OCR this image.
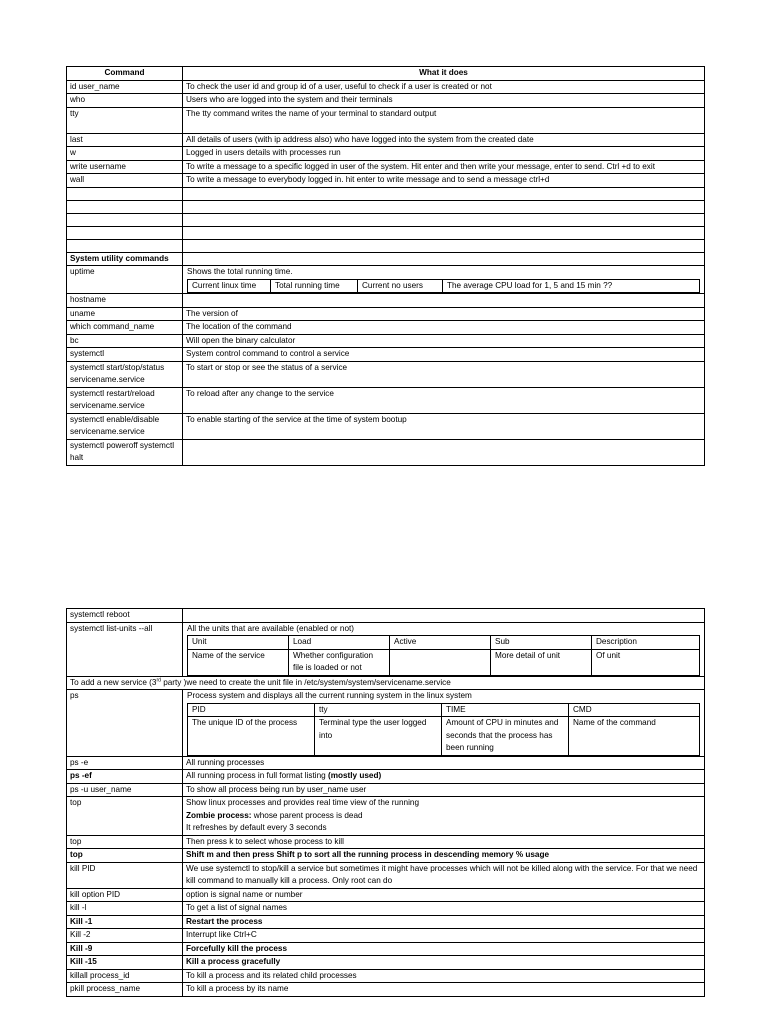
Command	What it does
id user_name	To check the user id and group id of a user, useful to check if a user is created or not
who	Users who are logged into the system and their terminals
tty	The tty command writes the name of your terminal to standard output
last	All details of users (with ip address also) who have logged into the system from the created date
w	Logged in users details with processes run
write username	To write a message to a specific logged in user of the system. Hit enter and then write your message, enter to send. Ctrl +d to exit
wall	To write a message to everybody logged in. hit enter to write message and to send a message ctrl+d

System utility commands	
uptime	Shows the total running time.
Current linux time	Total running time	Current no users	The average CPU load for 1, 5 and 15 min ??

hostname	
uname	The version of
which command_name	The location of the command
bc	Will open the binary calculator
systemctl	System control command to control a service
systemctl start/stop/status servicename.service	To start or stop or see the status of a service
systemctl restart/reload servicename.service	To reload after any change to the service
systemctl enable/disable servicename.service	To enable starting of the service at the time of system bootup
systemctl poweroff systemctl halt	
systemctl reboot	
systemctl list-units --all	All the units that are available (enabled or not)
Unit	Load	Active	Sub	Description
Name of the service	Whether configuration file is loaded or not		More detail of unit	Of unit

To add a new service (3rd party )we need to create the unit file in /etc/system/system/servicename.service
ps	Process system and displays all the current running system in the linux system
PID	tty	TIME	CMD
The unique ID of the process	Terminal type the user logged into	Amount of CPU in minutes and seconds that the process has been running	Name of the command

ps -e	All running processes
ps -ef	All running process in full format listing (mostly used)
ps -u user_name	To show all process being run by user_name user
top	Show linux processes and provides real time view of the running
Zombie process: whose parent process is dead
It refreshes by default every 3 seconds

top	Then press k to select whose process to kill
top	Shift m and then press Shift p to sort all the running process in descending memory % usage
kill PID	We use systemctl to stop/kill a service but sometimes it might have processes which will not be killed along with the service. For that we need kill command to manually kill a process. Only root can do
kill option PID	option is signal name or number
kill -l	To get a list of signal names
Kill -1	Restart the process
Kill -2	Interrupt like Ctrl+C
Kill -9	Forcefully kill the process
Kill -15	Kill a process gracefully
killall process_id	To kill a process and its related child processes
pkill process_name	To kill a process by its name
